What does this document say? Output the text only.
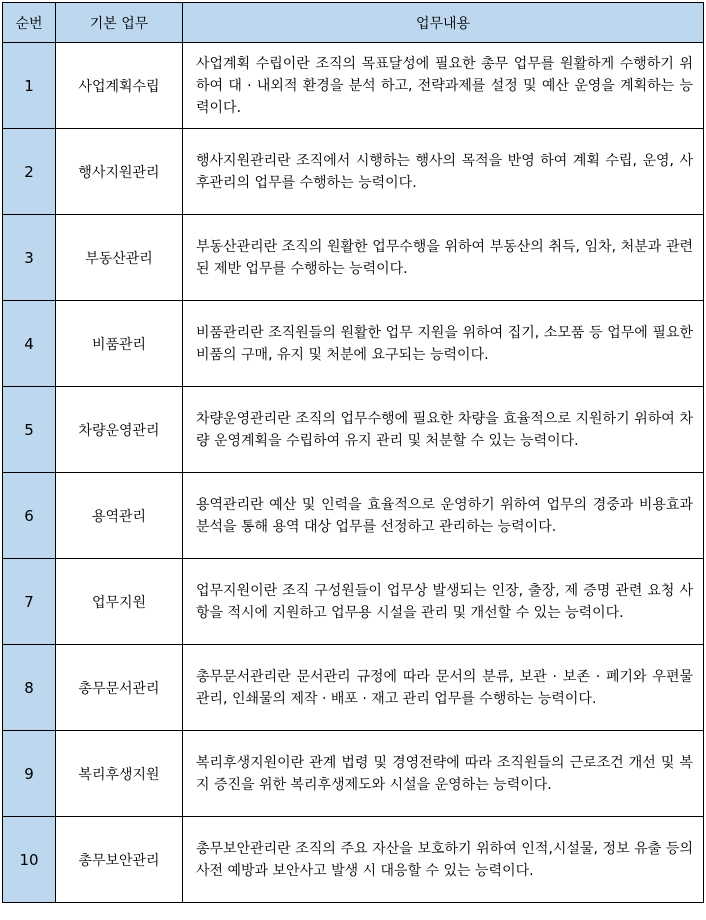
순번	기본 업무	업무내용
1	사업계획수립	사업계획 수립이란 조직의 목표달성에 필요한 총무 업무를 원활하게 수행하기 위하여 대 · 내외적 환경을 분석 하고, 전략과제를 설정 및 예산 운영을 계획하는 능력이다.
2	행사지원관리	행사지원관리란 조직에서 시행하는 행사의 목적을 반영 하여 계획 수립, 운영, 사후관리의 업무를 수행하는 능력이다.
3	부동산관리	부동산관리란 조직의 원활한 업무수행을 위하여 부동산의 취득, 임차, 처분과 관련된 제반 업무를 수행하는 능력이다.
4	비품관리	비품관리란 조직원들의 원활한 업무 지원을 위하여 집기, 소모품 등 업무에 필요한 비품의 구매, 유지 및 처분에 요구되는 능력이다.
5	차량운영관리	차량운영관리란 조직의 업무수행에 필요한 차량을 효율적으로 지원하기 위하여 차량 운영계획을 수립하여 유지 관리 및 처분할 수 있는 능력이다.
6	용역관리	용역관리란 예산 및 인력을 효율적으로 운영하기 위하여 업무의 경중과 비용효과 분석을 통해 용역 대상 업무를 선정하고 관리하는 능력이다.
7	업무지원	업무지원이란 조직 구성원들이 업무상 발생되는 인장, 출장, 제 증명 관련 요청 사항을 적시에 지원하고 업무용 시설을 관리 및 개선할 수 있는 능력이다.
8	총무문서관리	총무문서관리란 문서관리 규정에 따라 문서의 분류, 보관 · 보존 · 폐기와 우편물 관리, 인쇄물의 제작 · 배포 · 재고 관리 업무를 수행하는 능력이다.
9	복리후생지원	복리후생지원이란 관계 법령 및 경영전략에 따라 조직원들의 근로조건 개선 및 복지 증진을 위한 복리후생제도와 시설을 운영하는 능력이다.
10	총무보안관리	총무보안관리란 조직의 주요 자산을 보호하기 위하여 인적,시설물, 정보 유출 등의 사전 예방과 보안사고 발생 시 대응할 수 있는 능력이다.
